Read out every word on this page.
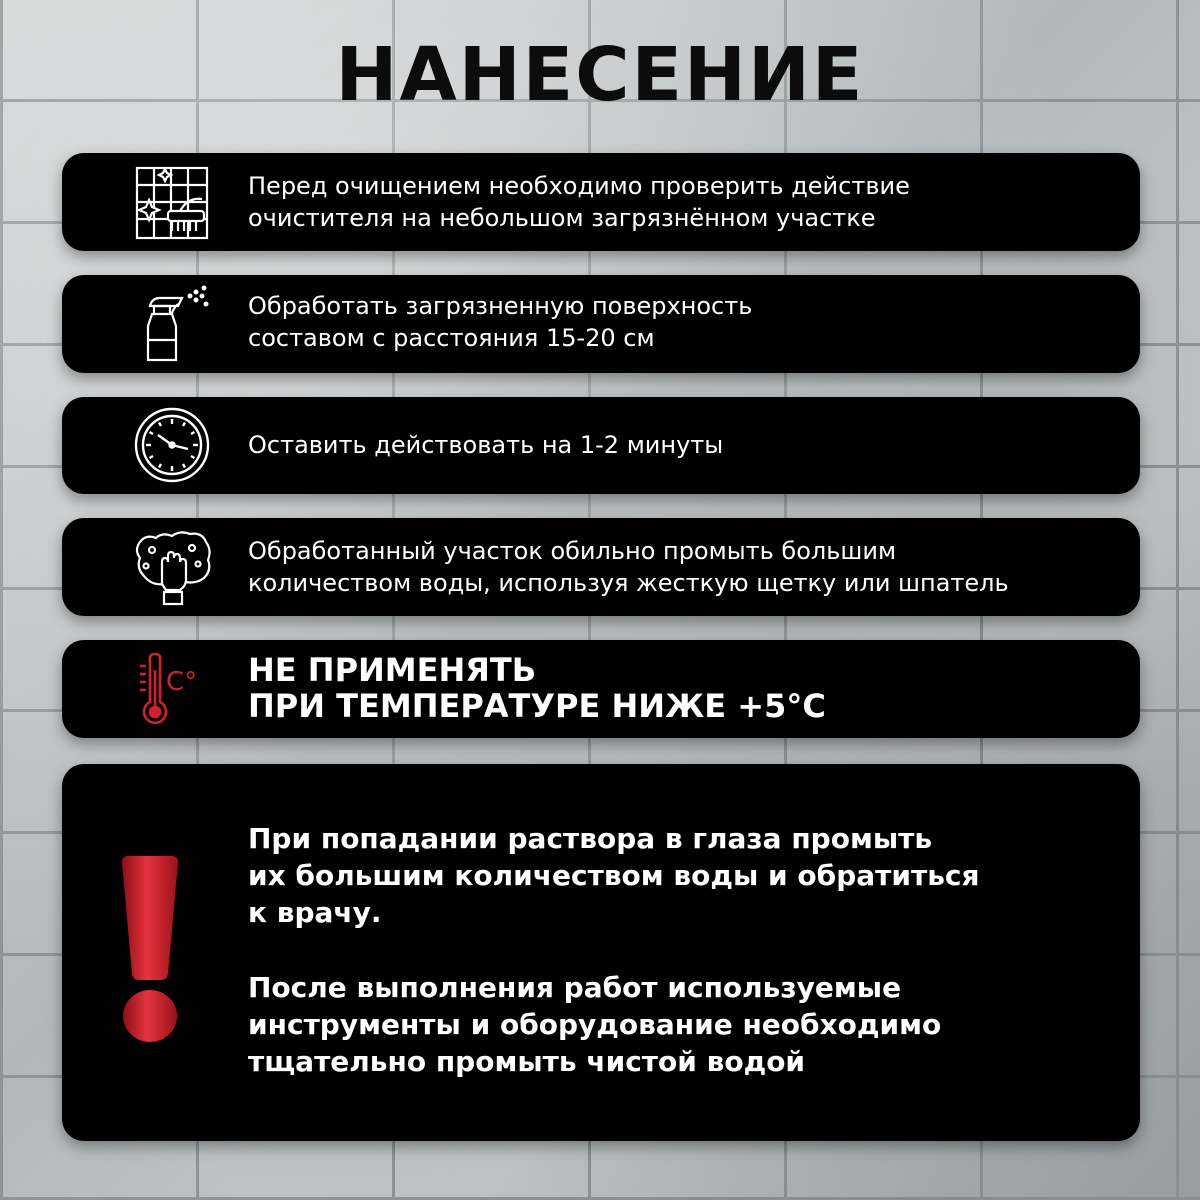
НАНЕСЕНИЕ
Перед очищением необходимо проверить действие
очистителя на небольшом загрязнённом участке
Обработать загрязненную поверхность
составом с расстояния 15-20 см
Оставить действовать на 1-2 минуты
Обработанный участок обильно промыть большим
количеством воды, используя жесткую щетку или шпатель
C° НЕ ПРИМЕНЯТЬ
ПРИ ТЕМПЕРАТУРЕ НИЖЕ +5°C
При попадании раствора в глаза промыть
их большим количеством воды и обратиться
к врачу.
После выполнения работ используемые
инструменты и оборудование необходимо
тщательно промыть чистой водой
